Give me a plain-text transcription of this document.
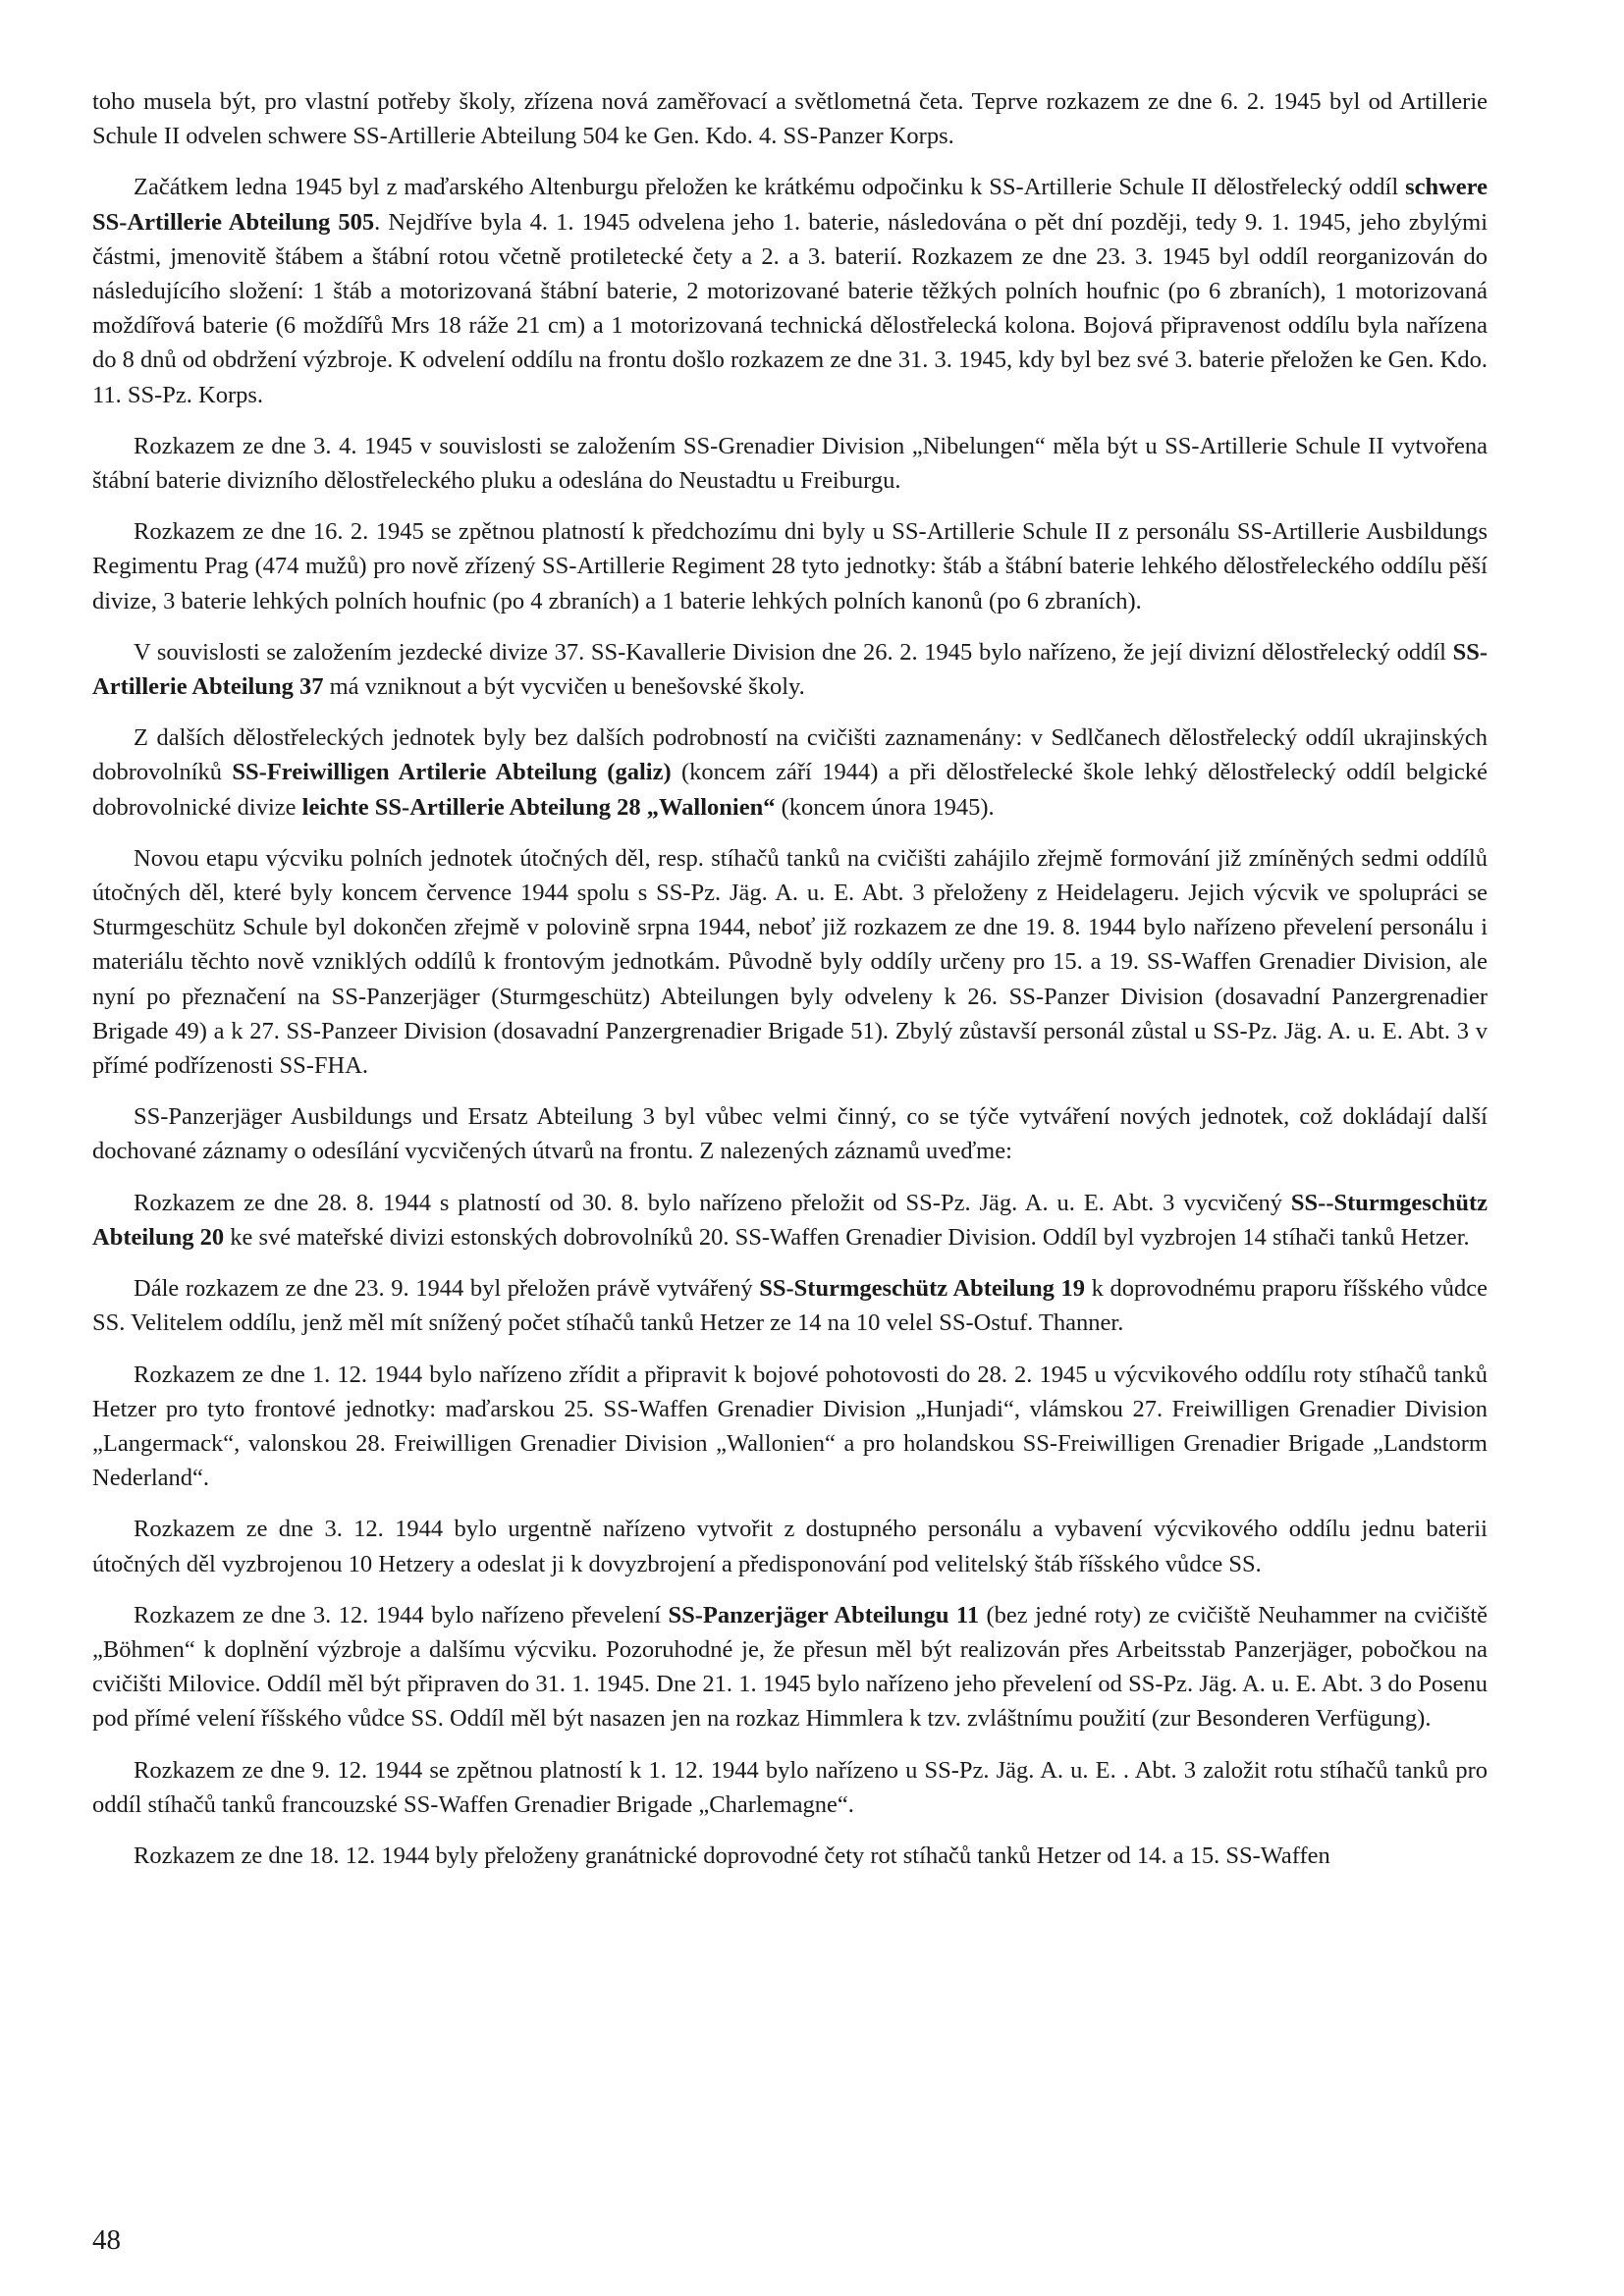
toho musela být, pro vlastní potřeby školy, zřízena nová zaměřovací a světlometná četa. Teprve rozkazem ze dne 6. 2. 1945 byl od Artillerie Schule II odvelen schwere SS-Artillerie Abteilung 504 ke Gen. Kdo. 4. SS-Panzer Korps.

Začátkem ledna 1945 byl z maďarského Altenburgu přeložen ke krátkému odpočinku k SS-Artillerie Schule II dělostřelecký oddíl schwere SS-Artillerie Abteilung 505. Nejdříve byla 4. 1. 1945 odvelena jeho 1. baterie, následována o pět dní později, tedy 9. 1. 1945, jeho zbylými částmi, jmenovitě štábem a štábní rotou včetně protiletecké čety a 2. a 3. baterií. Rozkazem ze dne 23. 3. 1945 byl oddíl reorganizován do následujícího složení: 1 štáb a motorizovaná štábní baterie, 2 motorizované baterie těžkých polních houfnic (po 6 zbraních), 1 motorizovaná moždířová baterie (6 moždířů Mrs 18 ráže 21 cm) a 1 motorizovaná technická dělostřelecká kolona. Bojová připravenost oddílu byla nařízena do 8 dnů od obdržení výzbroje. K odvelení oddílu na frontu došlo rozkazem ze dne 31. 3. 1945, kdy byl bez své 3. baterie přeložen ke Gen. Kdo. 11. SS-Pz. Korps.

Rozkazem ze dne 3. 4. 1945 v souvislosti se založením SS-Grenadier Division „Nibelungen“ měla být u SS-Artillerie Schule II vytvořena štábní baterie divizního dělostřeleckého pluku a odeslána do Neustadtu u Freiburgu.

Rozkazem ze dne 16. 2. 1945 se zpětnou platností k předchozímu dni byly u SS-Artillerie Schule II z personálu SS-Artillerie Ausbildungs Regimentu Prag (474 mužů) pro nově zřízený SS-Artillerie Regiment 28 tyto jednotky: štáb a štábní baterie lehkého dělostřeleckého oddílu pěší divize, 3 baterie lehkých polních houfnic (po 4 zbraních) a 1 baterie lehkých polních kanonů (po 6 zbraních).

V souvislosti se založením jezdecké divize 37. SS-Kavallerie Division dne 26. 2. 1945 bylo nařízeno, že její divizní dělostřelecký oddíl SS-Artillerie Abteilung 37 má vzniknout a být vycvičen u benešovské školy.

Z dalších dělostřeleckých jednotek byly bez dalších podrobností na cvičišti zaznamenány: v Sedlčanech dělostřelecký oddíl ukrajinských dobrovolníků SS-Freiwilligen Artilerie Abteilung (galiz) (koncem září 1944) a při dělostřelecké škole lehký dělostřelecký oddíl belgické dobrovolnické divize leichte SS-Artillerie Abteilung 28 „Wallonien“ (koncem února 1945).

Novou etapu výcviku polních jednotek útočných děl, resp. stíhačů tanků na cvičišti zahájilo zřejmě formování již zmíněných sedmi oddílů útočných děl, které byly koncem července 1944 spolu s SS-Pz. Jäg. A. u. E. Abt. 3 přeloženy z Heidelageru. Jejich výcvik ve spolupráci se Sturmgeschütz Schule byl dokončen zřejmě v polovině srpna 1944, neboť již rozkazem ze dne 19. 8. 1944 bylo nařízeno převelení personálu i materiálu těchto nově vzniklých oddílů k frontovým jednotkám. Původně byly oddíly určeny pro 15. a 19. SS-Waffen Grenadier Division, ale nyní po přeznačení na SS-Panzerjäger (Sturmgeschütz) Abteilungen byly odveleny k 26. SS-Panzer Division (dosavadní Panzergrenadier Brigade 49) a k 27. SS-Panzeer Division (dosavadní Panzergrenadier Brigade 51). Zbylý zůstavší personál zůstal u SS-Pz. Jäg. A. u. E. Abt. 3 v přímé podřízenosti SS-FHA.

SS-Panzerjäger Ausbildungs und Ersatz Abteilung 3 byl vůbec velmi činný, co se týče vytváření nových jednotek, což dokládají další dochované záznamy o odesílání vycvičených útvarů na frontu. Z nalezených záznamů uveďme:

Rozkazem ze dne 28. 8. 1944 s platností od 30. 8. bylo nařízeno přeložit od SS-Pz. Jäg. A. u. E. Abt. 3 vycvičený SS--Sturmgeschütz Abteilung 20 ke své mateřské divizi estonských dobrovolníků 20. SS-Waffen Grenadier Division. Oddíl byl vyzbrojen 14 stíhači tanků Hetzer.

Dále rozkazem ze dne 23. 9. 1944 byl přeložen právě vytvářený SS-Sturmgeschütz Abteilung 19 k doprovodnému praporu říšského vůdce SS. Velitelem oddílu, jenž měl mít snížený počet stíhačů tanků Hetzer ze 14 na 10 velel SS-Ostuf. Thanner.

Rozkazem ze dne 1. 12. 1944 bylo nařízeno zřídit a připravit k bojové pohotovosti do 28. 2. 1945 u výcvikového oddílu roty stíhačů tanků Hetzer pro tyto frontové jednotky: maďarskou 25. SS-Waffen Grenadier Division „Hunjadi“, vlámskou 27. Freiwilligen Grenadier Division „Langermack“, valonskou 28. Freiwilligen Grenadier Division „Wallonien“ a pro holandskou SS-Freiwilligen Grenadier Brigade „Landstorm Nederland“.

Rozkazem ze dne 3. 12. 1944 bylo urgentně nařízeno vytvořit z dostupného personálu a vybavení výcvikového oddílu jednu baterii útočných děl vyzbrojenou 10 Hetzery a odeslat ji k dovyzbrojení a předisponování pod velitelský štáb říšského vůdce SS.

Rozkazem ze dne 3. 12. 1944 bylo nařízeno převelení SS-Panzerjäger Abteilungu 11 (bez jedné roty) ze cvičiště Neuhammer na cvičiště „Böhmen“ k doplnění výzbroje a dalšímu výcviku. Pozoruhodné je, že přesun měl být realizován přes Arbeitsstab Panzerjäger, pobočkou na cvičišti Milovice. Oddíl měl být připraven do 31. 1. 1945. Dne 21. 1. 1945 bylo nařízeno jeho převelení od SS-Pz. Jäg. A. u. E. Abt. 3 do Posenu pod přímé velení říšského vůdce SS. Oddíl měl být nasazen jen na rozkaz Himmlera k tzv. zvláštnímu použití (zur Besonderen Verfügung).

Rozkazem ze dne 9. 12. 1944 se zpětnou platností k 1. 12. 1944 bylo nařízeno u SS-Pz. Jäg. A. u. E. . Abt. 3 založit rotu stíhačů tanků pro oddíl stíhačů tanků francouzské SS-Waffen Grenadier Brigade „Charlemagne“.

Rozkazem ze dne 18. 12. 1944 byly přeloženy granátnické doprovodné čety rot stíhačů tanků Hetzer od 14. a 15. SS-Waffen

48
